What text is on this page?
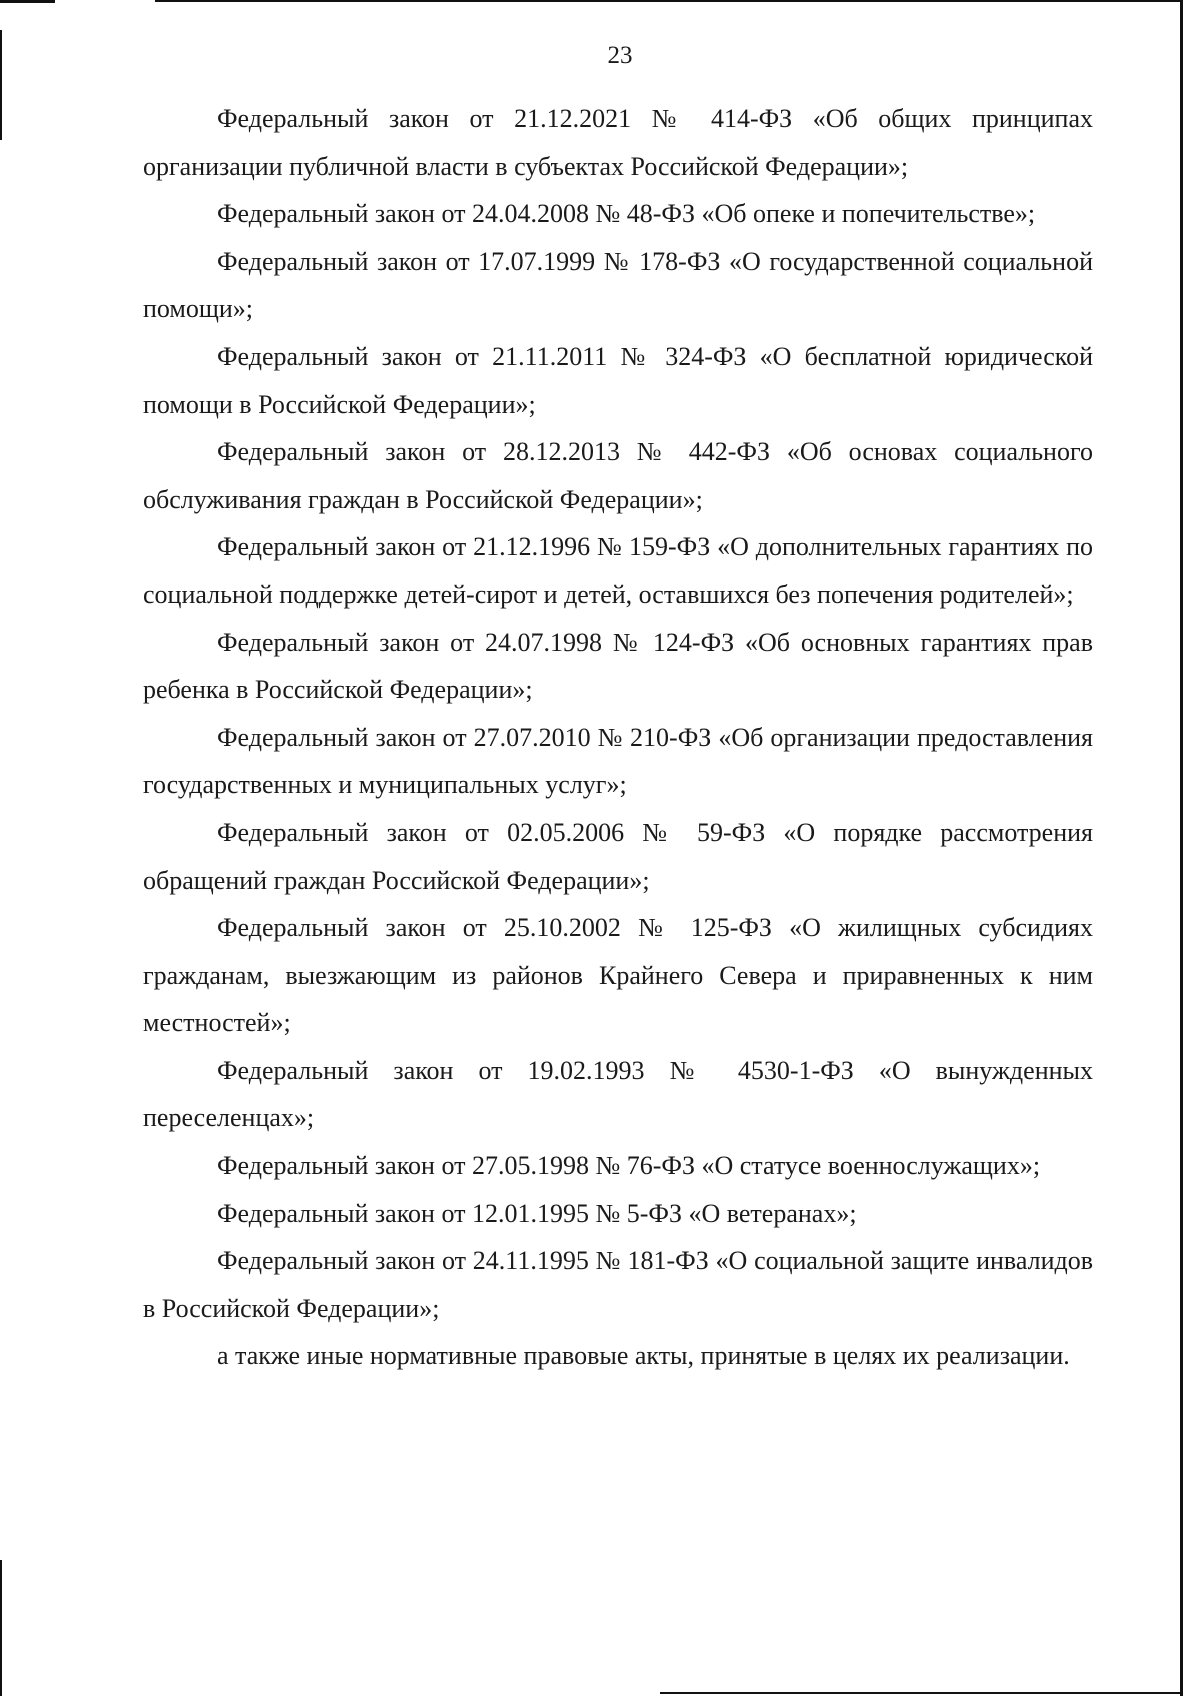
23

Федеральный закон от 21.12.2021 № 414-ФЗ «Об общих принципах организации публичной власти в субъектах Российской Федерации»;

Федеральный закон от 24.04.2008 № 48-ФЗ «Об опеке и попечительстве»;

Федеральный закон от 17.07.1999 № 178-ФЗ «О государственной социальной помощи»;

Федеральный закон от 21.11.2011 № 324-ФЗ «О бесплатной юридической помощи в Российской Федерации»;

Федеральный закон от 28.12.2013 № 442-ФЗ «Об основах социального обслуживания граждан в Российской Федерации»;

Федеральный закон от 21.12.1996 № 159-ФЗ «О дополнительных гарантиях по социальной поддержке детей-сирот и детей, оставшихся без попечения родителей»;

Федеральный закон от 24.07.1998 № 124-ФЗ «Об основных гарантиях прав ребенка в Российской Федерации»;

Федеральный закон от 27.07.2010 № 210-ФЗ «Об организации предоставления государственных и муниципальных услуг»;

Федеральный закон от 02.05.2006 № 59-ФЗ «О порядке рассмотрения обращений граждан Российской Федерации»;

Федеральный закон от 25.10.2002 № 125-ФЗ «О жилищных субсидиях гражданам, выезжающим из районов Крайнего Севера и приравненных к ним местностей»;

Федеральный закон от 19.02.1993 № 4530-1-ФЗ «О вынужденных переселенцах»;

Федеральный закон от 27.05.1998 № 76-ФЗ «О статусе военнослужащих»;

Федеральный закон от 12.01.1995 № 5-ФЗ «О ветеранах»;

Федеральный закон от 24.11.1995 № 181-ФЗ «О социальной защите инвалидов в Российской Федерации»;

а также иные нормативные правовые акты, принятые в целях их реализации.
